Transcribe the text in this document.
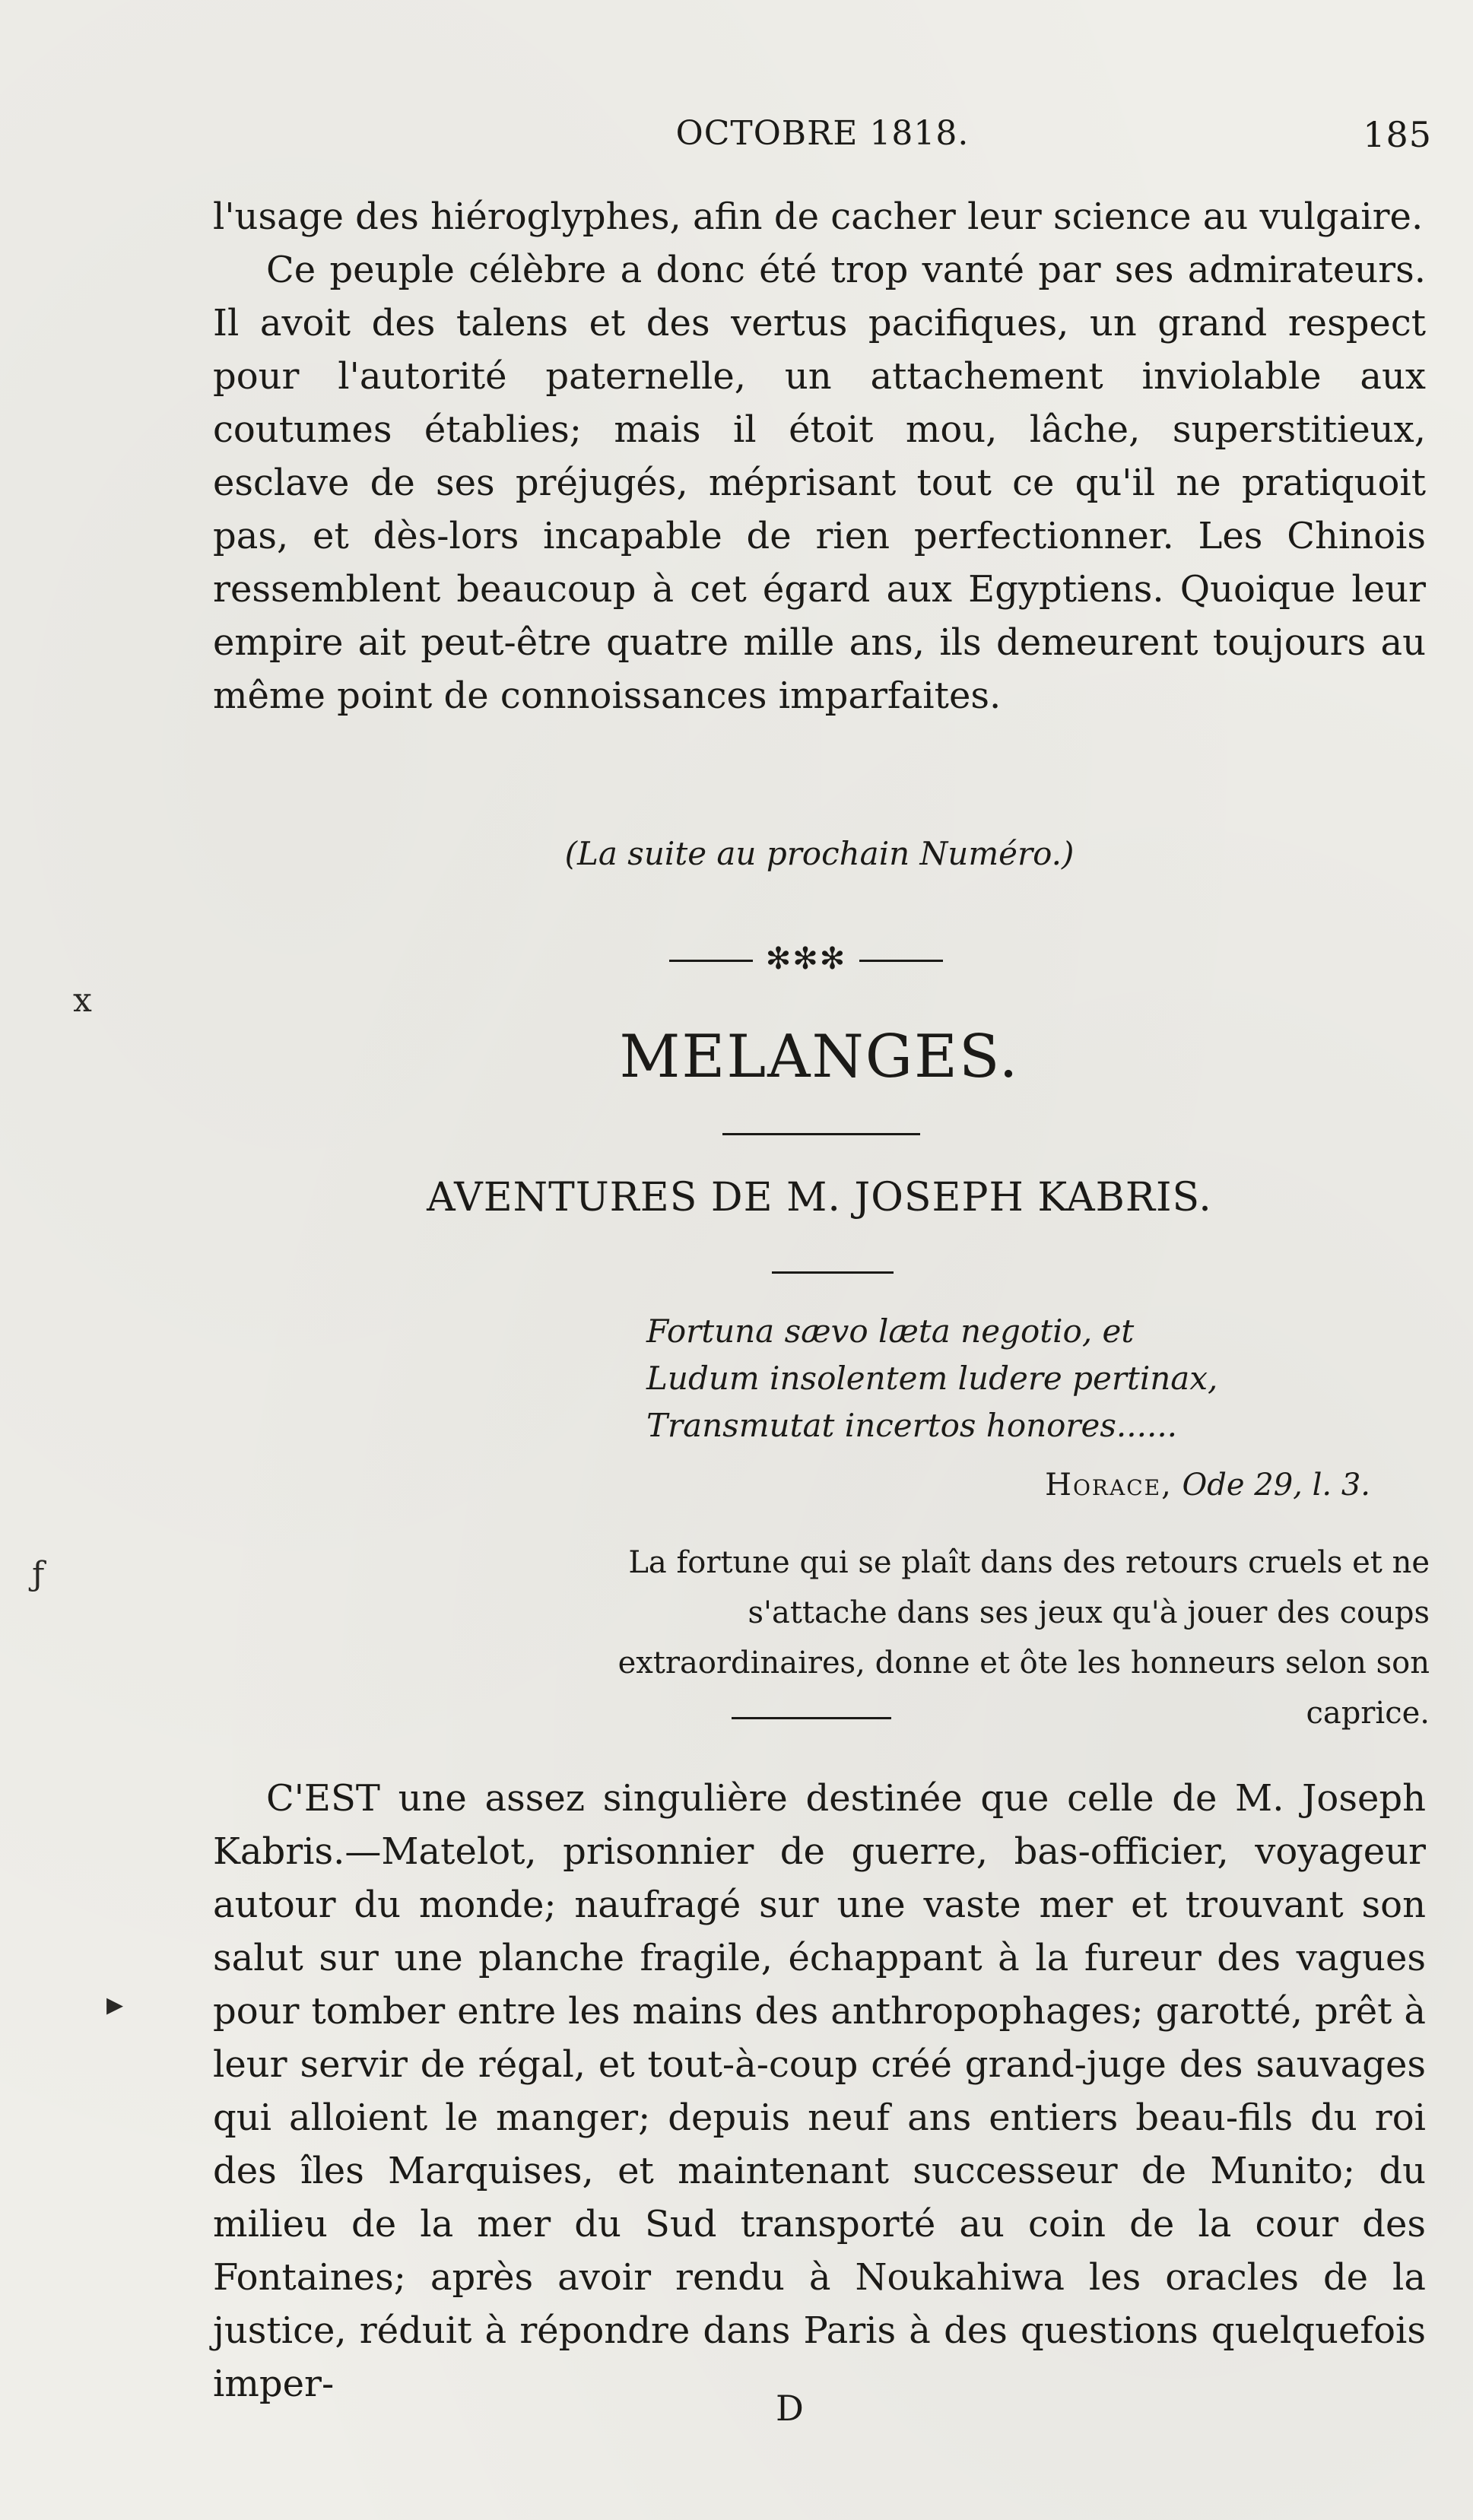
OCTOBRE 1818.	185

l'usage des hiéroglyphes, afin de cacher leur science au vulgaire.

Ce peuple célèbre a donc été trop vanté par ses admirateurs. Il avoit des talens et des vertus pacifiques, un grand respect pour l'autorité paternelle, un attachement inviolable aux coutumes établies; mais il étoit mou, lâche, superstitieux, esclave de ses préjugés, méprisant tout ce qu'il ne pratiquoit pas, et dès-lors incapable de rien perfectionner. Les Chinois ressemblent beaucoup à cet égard aux Egyptiens. Quoique leur empire ait peut-être quatre mille ans, ils demeurent toujours au même point de connoissances imparfaites.

(La suite au prochain Numéro.)
✻✻✻
MELANGES.
AVENTURES DE M. JOSEPH KABRIS.
Fortuna sævo læta negotio, et
Ludum insolentem ludere pertinax,
Transmutat incertos honores......
Horace, Ode 29, l. 3.
La fortune qui se plaît dans des retours cruels et ne s'attache dans ses jeux qu'à jouer des coups extraordinaires, donne et ôte les honneurs selon son caprice.

C'EST une assez singulière destinée que celle de M. Joseph Kabris.—Matelot, prisonnier de guerre, bas-officier, voyageur autour du monde; naufragé sur une vaste mer et trouvant son salut sur une planche fragile, échappant à la fureur des vagues pour tomber entre les mains des anthropophages; garotté, prêt à leur servir de régal, et tout-à-coup créé grand-juge des sauvages qui alloient le manger; depuis neuf ans entiers beau-fils du roi des îles Marquises, et maintenant successeur de Munito; du milieu de la mer du Sud transporté au coin de la cour des Fontaines; après avoir rendu à Noukahiwa les oracles de la justice, réduit à répondre dans Paris à des questions quelquefois imper-

D
x
ƒ
▸
